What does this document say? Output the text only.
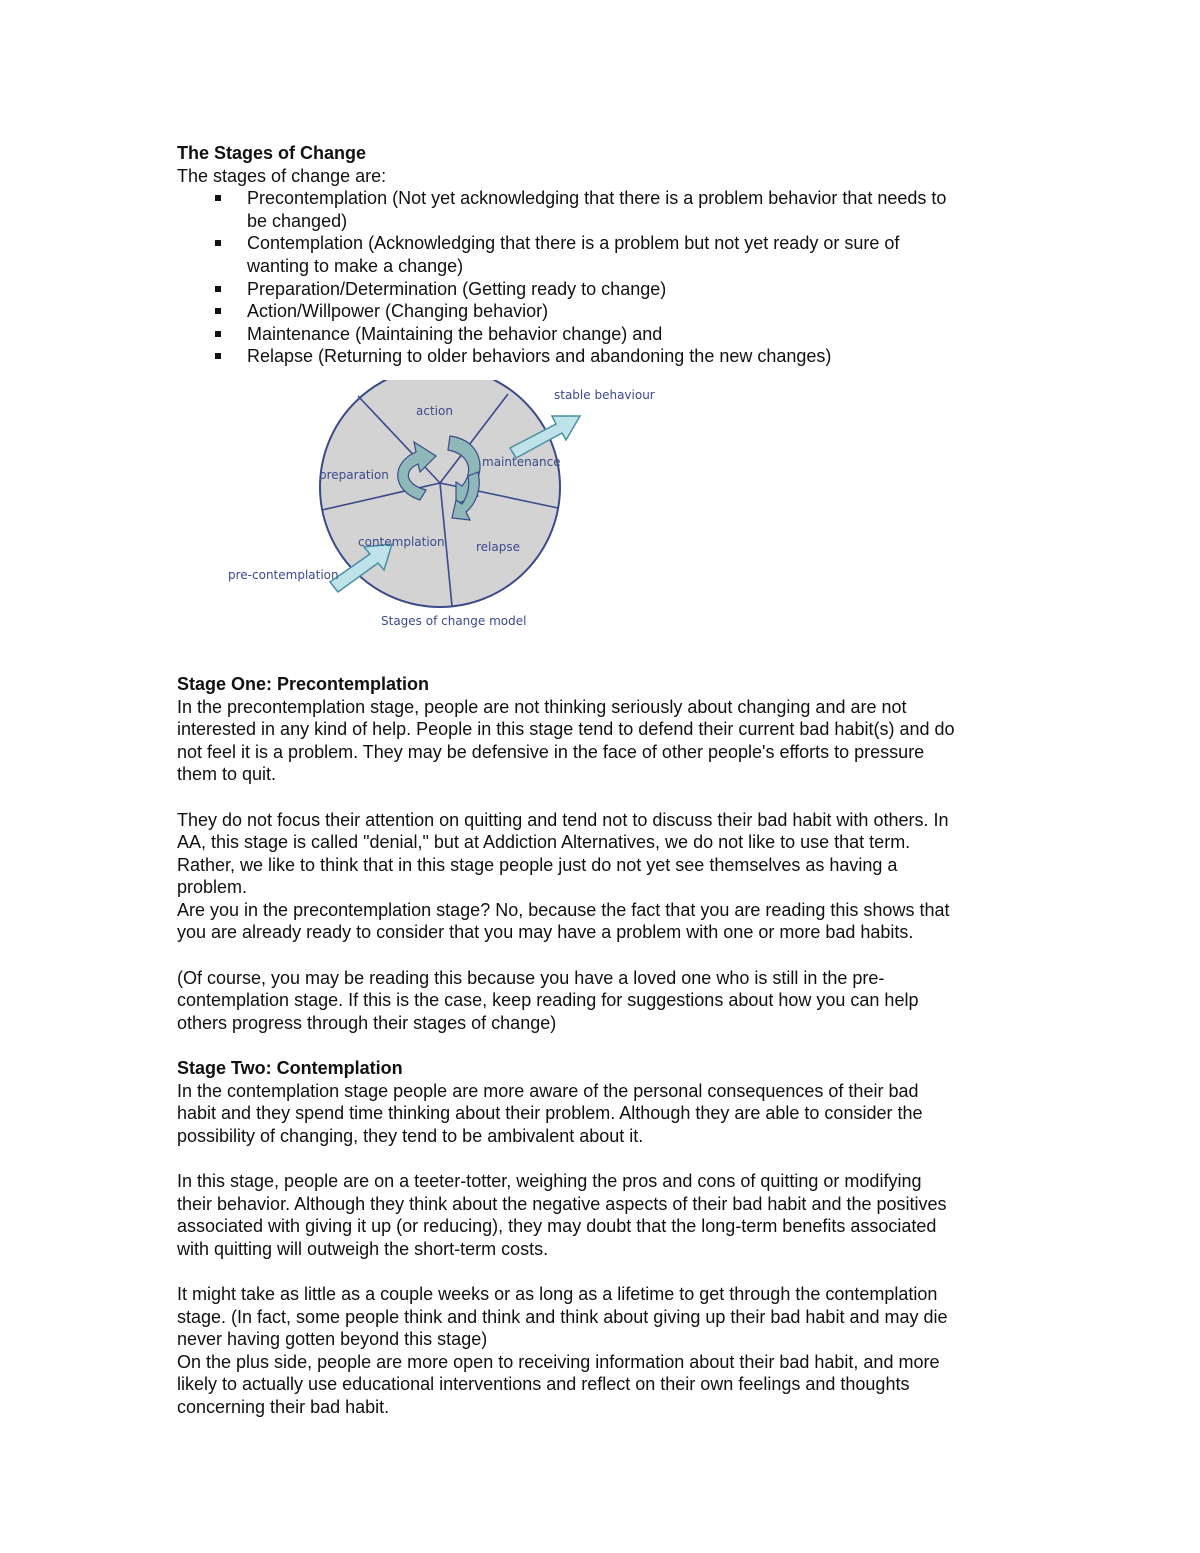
The Stages of Change
The stages of change are:
Precontemplation (Not yet acknowledging that there is a problem behavior that needs to
be changed)
Contemplation (Acknowledging that there is a problem but not yet ready or sure of
wanting to make a change)
Preparation/Determination (Getting ready to change)
Action/Willpower (Changing behavior)
Maintenance (Maintaining the behavior change) and
Relapse (Returning to older behaviors and abandoning the new changes)
Stage One: Precontemplation
In the precontemplation stage, people are not thinking seriously about changing and are not
interested in any kind of help. People in this stage tend to defend their current bad habit(s) and do
not feel it is a problem. They may be defensive in the face of other people's efforts to pressure
them to quit.
They do not focus their attention on quitting and tend not to discuss their bad habit with others. In
AA, this stage is called "denial," but at Addiction Alternatives, we do not like to use that term.
Rather, we like to think that in this stage people just do not yet see themselves as having a
problem.
Are you in the precontemplation stage? No, because the fact that you are reading this shows that
you are already ready to consider that you may have a problem with one or more bad habits.
(Of course, you may be reading this because you have a loved one who is still in the pre-
contemplation stage. If this is the case, keep reading for suggestions about how you can help
others progress through their stages of change)
Stage Two: Contemplation
In the contemplation stage people are more aware of the personal consequences of their bad
habit and they spend time thinking about their problem. Although they are able to consider the
possibility of changing, they tend to be ambivalent about it.
In this stage, people are on a teeter-totter, weighing the pros and cons of quitting or modifying
their behavior. Although they think about the negative aspects of their bad habit and the positives
associated with giving it up (or reducing), they may doubt that the long-term benefits associated
with quitting will outweigh the short-term costs.
It might take as little as a couple weeks or as long as a lifetime to get through the contemplation
stage. (In fact, some people think and think and think about giving up their bad habit and may die
never having gotten beyond this stage)
On the plus side, people are more open to receiving information about their bad habit, and more
likely to actually use educational interventions and reflect on their own feelings and thoughts
concerning their bad habit.
action
maintenance
preparation
contemplation	relapse
pre-contemplation
stable behaviour
Stages of change model
